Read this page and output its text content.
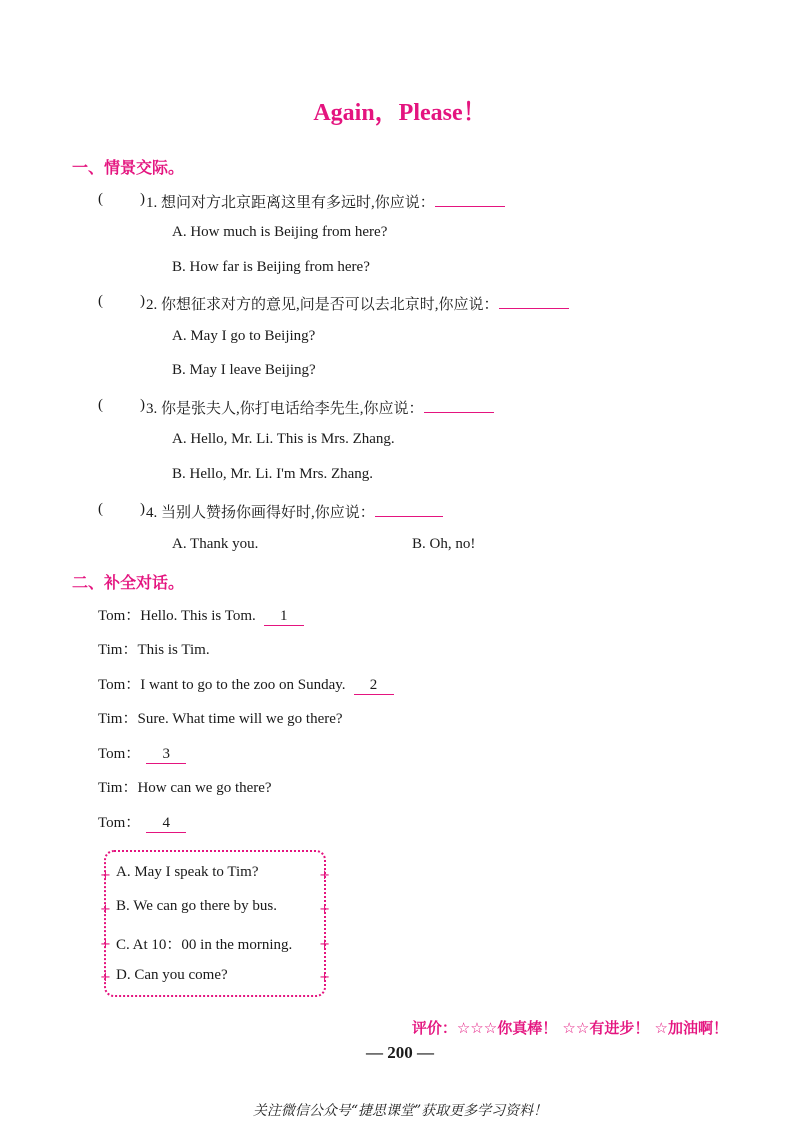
Again，Please！
一、情景交际。
( ) 1. 想问对方北京距离这里有多远时,你应说：
A. How much is Beijing from here?
B. How far is Beijing from here?
( ) 2. 你想征求对方的意见,问是否可以去北京时,你应说：
A. May I go to Beijing?
B. May I leave Beijing?
( ) 3. 你是张夫人,你打电话给李先生,你应说：
A. Hello, Mr. Li. This is Mrs. Zhang.
B. Hello, Mr. Li. I'm Mrs. Zhang.
( ) 4. 当别人赞扬你画得好时,你应说：
A. Thank you.	B. Oh, no!
二、补全对话。
Tom：Hello. This is Tom. 1
Tim：This is Tim.
Tom：I want to go to the zoo on Sunday. 2
Tim：Sure. What time will we go there?
Tom： 3
Tim：How can we go there?
Tom： 4
A. May I speak to Tim?
B. We can go there by bus.
C. At 10：00 in the morning.
D. Can you come?
+
+
+
+
+
+
+
+
评价：☆☆☆你真棒！ ☆☆有进步！ ☆加油啊！
— 200 —
关注微信公众号“捷思课堂”获取更多学习资料！
